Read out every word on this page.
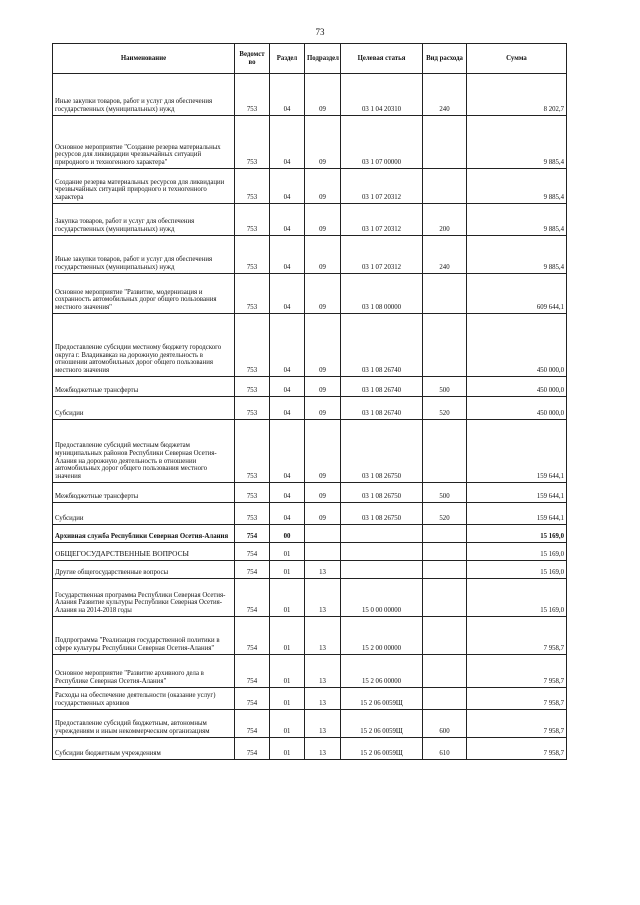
73
Наименование	Ведомст во	Раздел	Подраздел	Целевая статья	Вид расхода	Сумма
Иные закупки товаров, работ и услуг для обеспечения государственных (муниципальных) нужд	753	04	09	03 1 04 20310	240	8 202,7
Основное мероприятие "Создание резерва материальных ресурсов для ликвидации чрезвычайных ситуаций природного и техногенного характера"	753	04	09	03 1 07 00000		9 885,4
Создание резерва материальных ресурсов для ликвидации чрезвычайных ситуаций природного и техногенного характера	753	04	09	03 1 07 20312		9 885,4
Закупка товаров, работ и услуг для обеспечения государственных (муниципальных) нужд	753	04	09	03 1 07 20312	200	9 885,4
Иные закупки товаров, работ и услуг для обеспечения государственных (муниципальных) нужд	753	04	09	03 1 07 20312	240	9 885,4
Основное мероприятие "Развитие, модернизация и сохранность автомобильных дорог общего пользования местного значения"	753	04	09	03 1 08 00000		609 644,1
Предоставление субсидии местному бюджету городского округа г. Владикавказ на дорожную деятельность в отношении автомобильных дорог общего пользования местного значения	753	04	09	03 1 08 26740		450 000,0
Межбюджетные трансферты	753	04	09	03 1 08 26740	500	450 000,0
Субсидии	753	04	09	03 1 08 26740	520	450 000,0
Предоставление субсидий местным бюджетам муниципальных районов Республики Северная Осетия-Алания на дорожную деятельность в отношении автомобильных дорог общего пользования местного значения	753	04	09	03 1 08 26750		159 644,1
Межбюджетные трансферты	753	04	09	03 1 08 26750	500	159 644,1
Субсидии	753	04	09	03 1 08 26750	520	159 644,1
Архивная служба Республики Северная Осетия-Алания	754	00				15 169,0
ОБЩЕГОСУДАРСТВЕННЫЕ ВОПРОСЫ	754	01				15 169,0
Другие общегосударственные вопросы	754	01	13			15 169,0
Государственная программа Республики Северная Осетия-Алания Развитие культуры Республики Северная Осетия-Алания на 2014-2018 годы	754	01	13	15 0 00 00000		15 169,0
Подпрограмма "Реализация государственной политики в сфере культуры Республики Северная Осетия-Алания"	754	01	13	15 2 00 00000		7 958,7
Основное мероприятие "Развитие архивного дела в Республике Северная Осетия-Алания"	754	01	13	15 2 06 00000		7 958,7
Расходы на обеспечение деятельности (оказание услуг) государственных архивов	754	01	13	15 2 06 0059Щ		7 958,7
Предоставление субсидий бюджетным, автономным учреждениям и иным некоммерческим организациям	754	01	13	15 2 06 0059Щ	600	7 958,7
Субсидии бюджетным учреждениям	754	01	13	15 2 06 0059Щ	610	7 958,7
